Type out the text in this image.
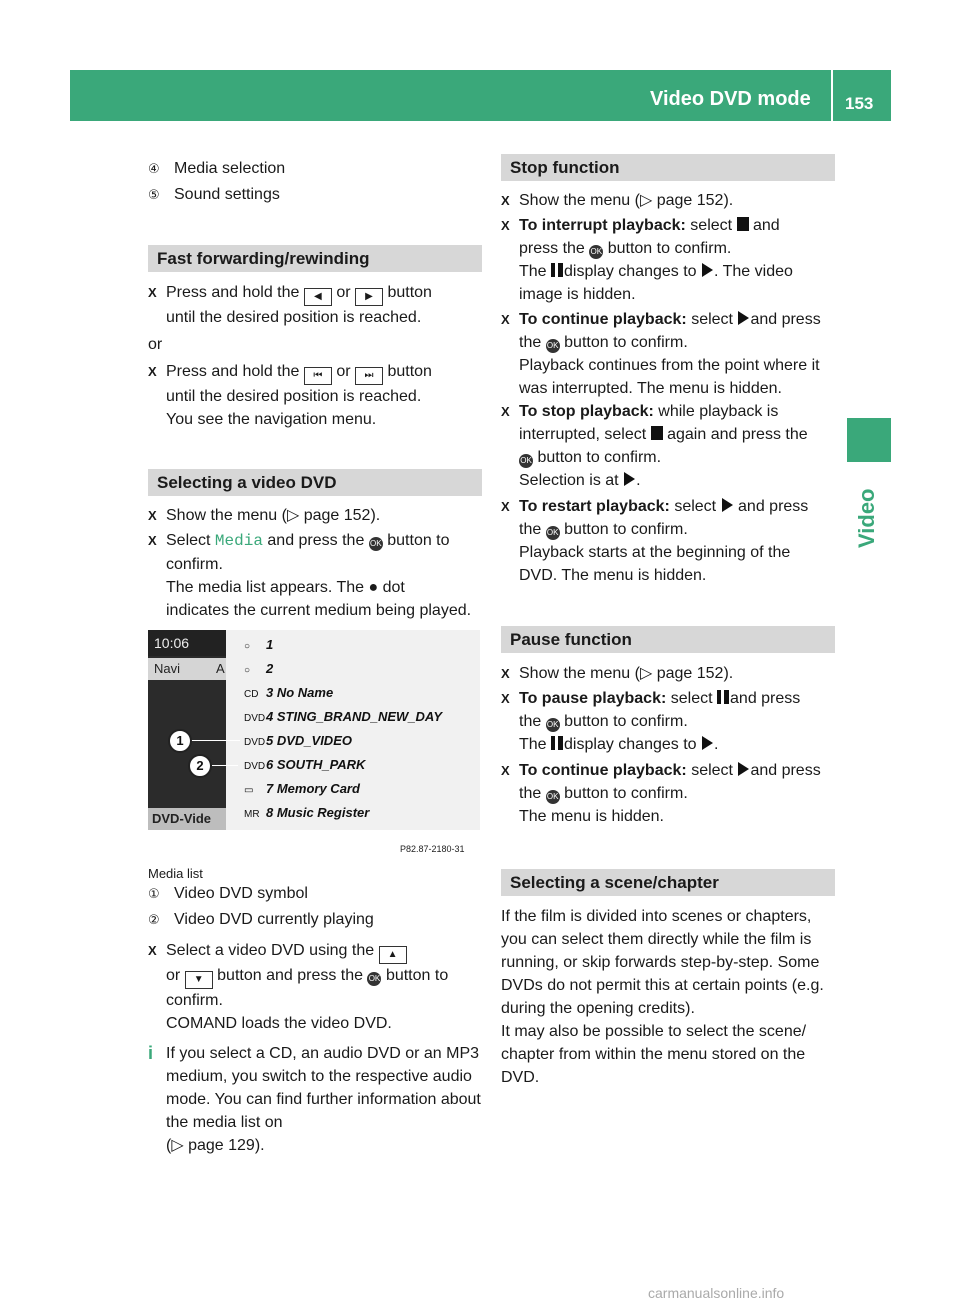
Video DVD mode 153
Video
④ Media selection
⑤ Sound settings
Fast forwarding/rewinding
X Press and hold the ◀ or ▶ button
until the desired position is reached.
or
X Press and hold the ⏮ or ⏭ button
until the desired position is reached.
You see the navigation menu.
Selecting a video DVD
X Show the menu (▷ page 152).
X Select Media and press the OK button to
confirm.
The media list appears. The ● dot
indicates the current medium being played.
10:06
Navi	A
DVD-Vide
○ 1
○ 2
CD 3 No Name
DVD4 STING_BRAND_NEW_DAY
DVD5 DVD_VIDEO
DVD6 SOUTH_PARK
▭ 7 Memory Card
MR 8 Music Register
1
2
P82.87-2180-31
Media list
① Video DVD symbol
② Video DVD currently playing
X Select a video DVD using the ▲
or ▼ button and press the OK button to
confirm.
COMAND loads the video DVD.
i If you select a CD, an audio DVD or an MP3 medium, you switch to the respective audio mode. You can find further information about the media list on
(▷ page 129).
Stop function
X Show the menu (▷ page 152).
X To interrupt playback: select and
press the OK button to confirm.
The display changes to . The video
image is hidden.
X To continue playback: select and press
the OK button to confirm.
Playback continues from the point where it
was interrupted. The menu is hidden.
X To stop playback: while playback is
interrupted, select again and press the
OK button to confirm.
Selection is at .
X To restart playback: select and press
the OK button to confirm.
Playback starts at the beginning of the
DVD. The menu is hidden.
Pause function
X Show the menu (▷ page 152).
X To pause playback: select and press
the OK button to confirm.
The display changes to .
X To continue playback: select and press
the OK button to confirm.
The menu is hidden.
Selecting a scene/chapter
If the film is divided into scenes or chapters,
you can select them directly while the film is
running, or skip forwards step-by-step. Some
DVDs do not permit this at certain points (e.g.
during the opening credits).
It may also be possible to select the scene/
chapter from within the menu stored on the
DVD.
carmanualsonline.info
